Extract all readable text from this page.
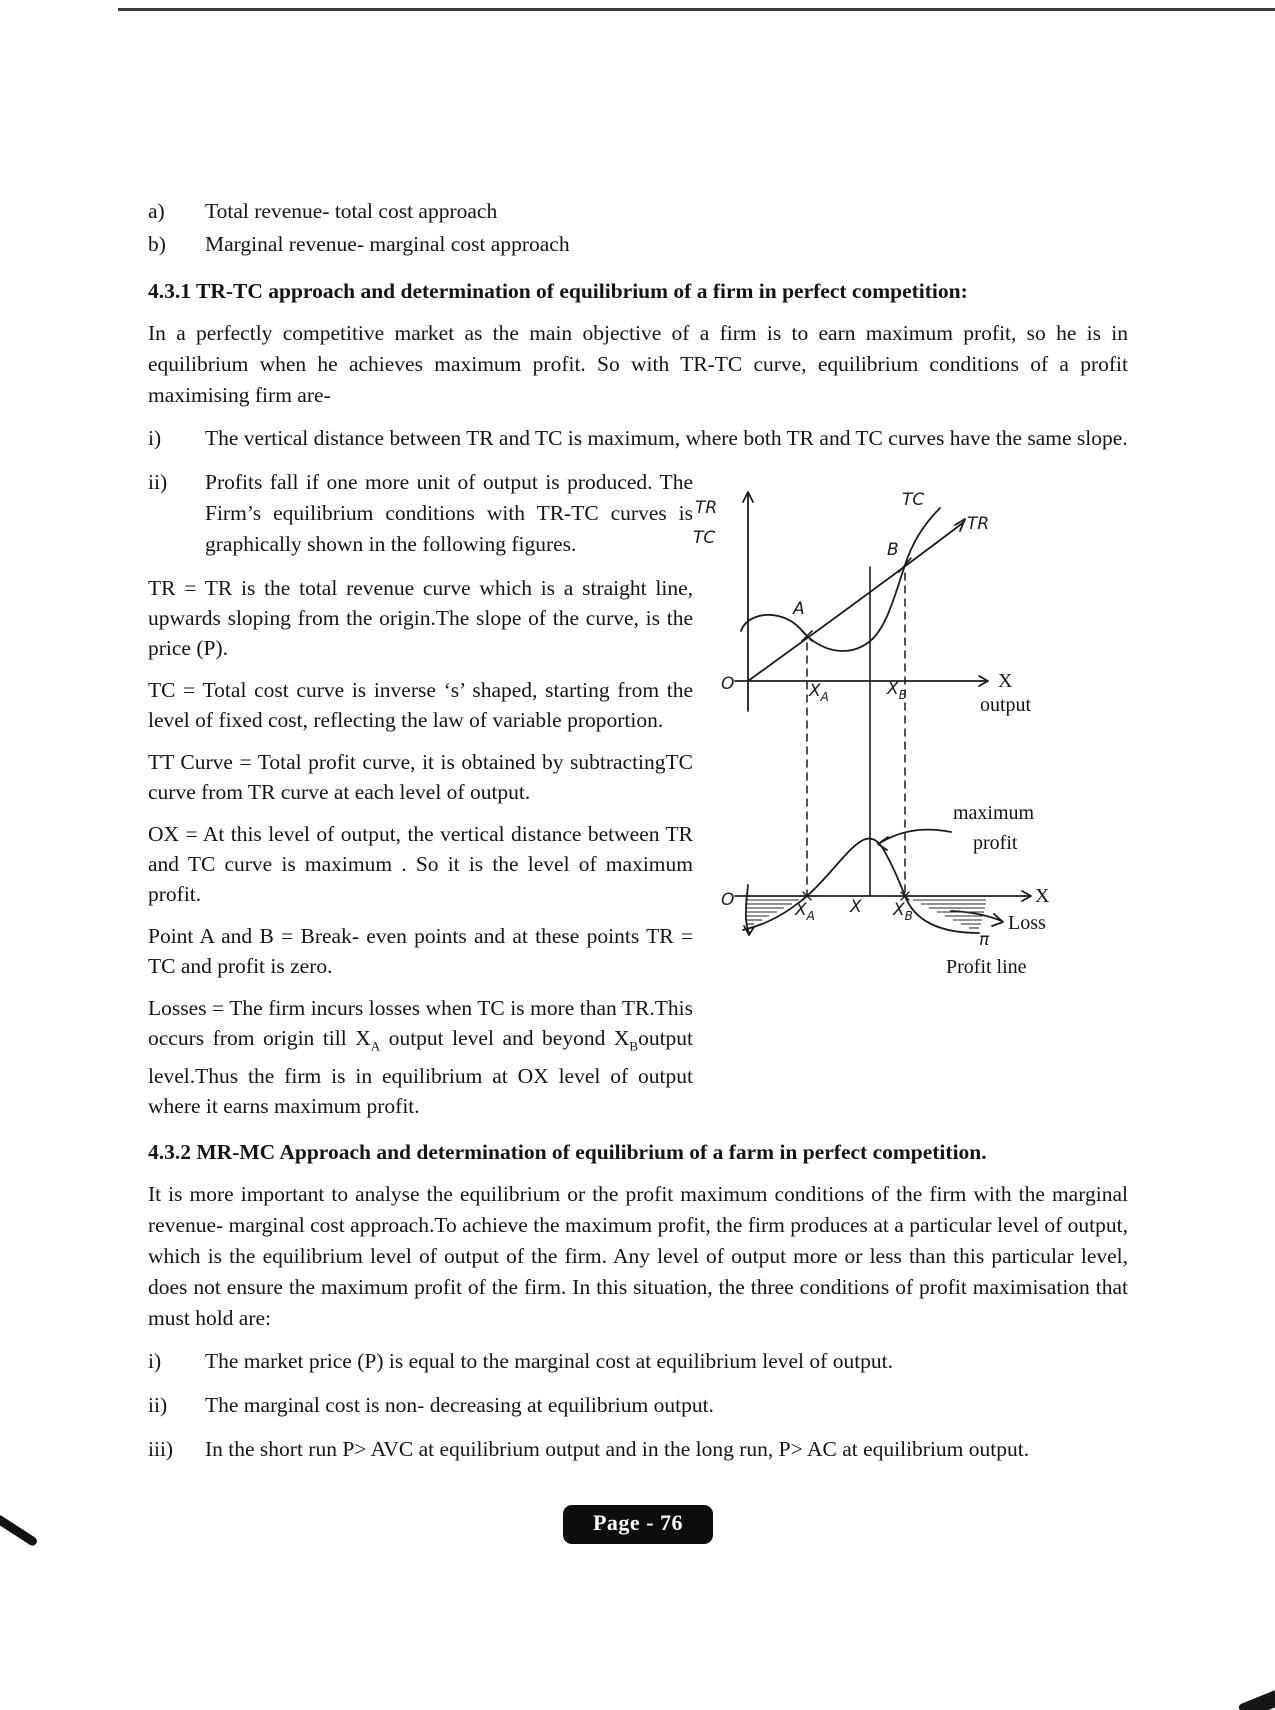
a)	Total revenue- total cost approach
b)	Marginal revenue- marginal cost approach
4.3.1 TR-TC approach and determination of equilibrium of a firm in perfect competition:

In a perfectly competitive market as the main objective of a firm is to earn maximum profit, so he is in equilibrium when he achieves maximum profit. So with TR-TC curve, equilibrium conditions of a profit maximising firm are-

i)	The vertical distance between TR and TC is maximum, where both TR and TC curves have the same slope.
ii)	Profits fall if one more unit of output is produced. The Firm’s equilibrium conditions with TR-TC curves is graphically shown in the following figures.

TR = TR is the total revenue curve which is a straight line, upwards sloping from the origin.The slope of the curve, is the price (P).

TC = Total cost curve is inverse ‘s’ shaped, starting from the level of fixed cost, reflecting the law of variable proportion.

TT Curve = Total profit curve, it is obtained by subtractingTC curve from TR curve at each level of output.

OX = At this level of output, the vertical distance between TR and TC curve is maximum . So it is the level of maximum profit.

Point A and B = Break- even points and at these points TR = TC and profit is zero.

Losses = The firm incurs losses when TC is more than TR.This occurs from origin till $X_A$ output level and beyond $X_Boutput$ level.Thus the firm is in equilibrium at OX level of output where it earns maximum profit.

TR
TC
TC
TR
A
B
O	$X_A$	$X_B$
O	$X_A$ X $X_B$
π
X
output
X
maximum
profit
Loss
Profit line
4.3.2 MR-MC Approach and determination of equilibrium of a farm in perfect competition.

It is more important to analyse the equilibrium or the profit maximum conditions of the firm with the marginal revenue- marginal cost approach.To achieve the maximum profit, the firm produces at a particular level of output, which is the equilibrium level of output of the firm. Any level of output more or less than this particular level, does not ensure the maximum profit of the firm. In this situation, the three conditions of profit maximisation that must hold are:

i)	The market price (P) is equal to the marginal cost at equilibrium level of output.
ii)	The marginal cost is non- decreasing at equilibrium output.
iii)	In the short run P> AVC at equilibrium output and in the long run, P> AC at equilibrium output.
Page - 76
